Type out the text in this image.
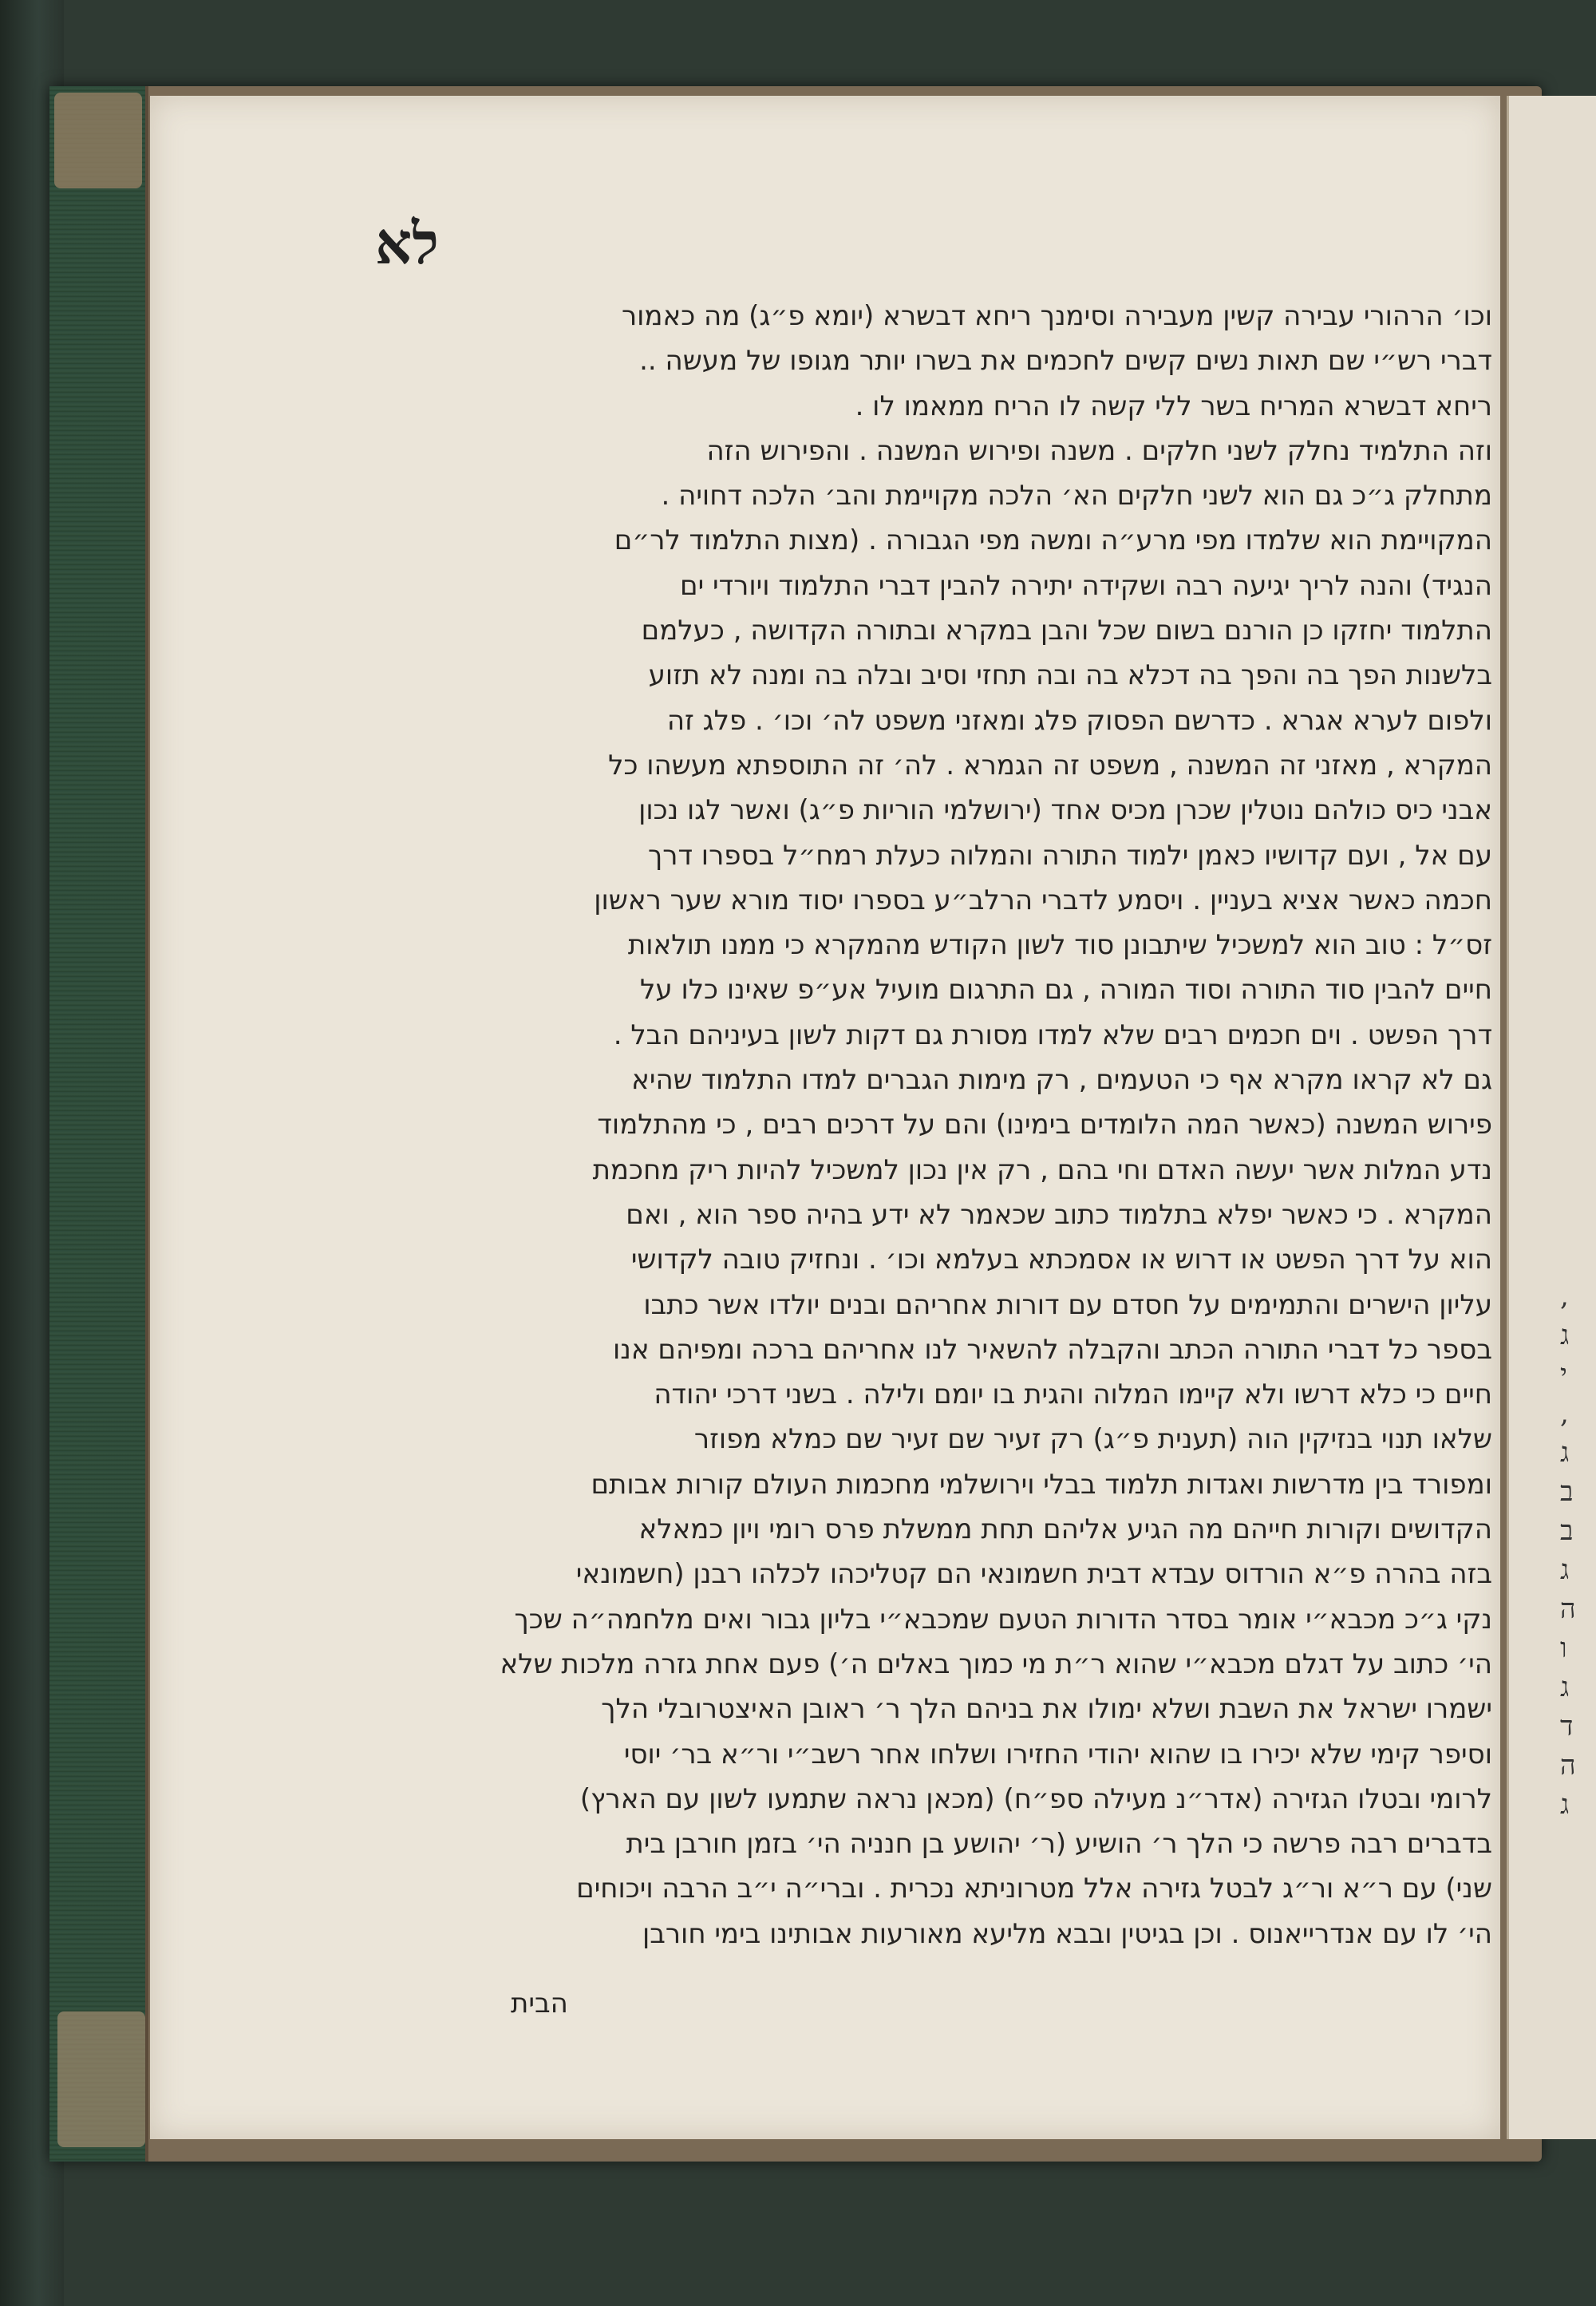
,
ג
י
,
ג
ב
ב
ג
ה
ו
ג
ד
ה
ג
לא
וכו׳ הרהורי עבירה קשין מעבירה וסימנך ריחא דבשרא (יומא פ״ג) מה כאמור
דברי רש״י שם תאות נשים קשים לחכמים את בשרו יותר מגופו של מעשה ..
ריחא דבשרא המריח בשר ללי קשה לו הריח ממאמו לו .
וזה התלמיד נחלק לשני חלקים . משנה ופירוש המשנה . והפירוש הזה
מתחלק ג״כ גם הוא לשני חלקים הא׳ הלכה מקויימת והב׳ הלכה דחויה .
המקויימת הוא שלמדו מפי מרע״ה ומשה מפי הגבורה . (מצות התלמוד לר״ם
הנגיד) והנה לריך יגיעה רבה ושקידה יתירה להבין דברי התלמוד ויורדי ים
התלמוד יחזקו כן הורנם בשום שכל והבן במקרא ובתורה הקדושה , כעלמם
בלשנות הפך בה והפך בה דכלא בה ובה תחזי וסיב ובלה בה ומנה לא תזוע
ולפום לערא אגרא . כדרשם הפסוק פלג ומאזני משפט לה׳ וכו׳ . פלג זה
המקרא , מאזני זה המשנה , משפט זה הגמרא . לה׳ זה התוספתא מעשהו כל
אבני כיס כולהם נוטלין שכרן מכיס אחד (ירושלמי הוריות פ״ג) ואשר לגו נכון
עם אל , ועם קדושיו כאמן ילמוד התורה והמלוה כעלת רמח״ל בספרו דרך
חכמה כאשר אציא בעניין . ויסמע לדברי הרלב״ע בספרו יסוד מורא שער ראשון
זס״ל : טוב הוא למשכיל שיתבונן סוד לשון הקודש מהמקרא כי ממנו תולאות
חיים להבין סוד התורה וסוד המורה , גם התרגום מועיל אע״פ שאינו כלו על
דרך הפשט . וים חכמים רבים שלא למדו מסורת גם דקות לשון בעיניהם הבל .
גם לא קראו מקרא אף כי הטעמים , רק מימות הגברים למדו התלמוד שהיא
פירוש המשנה (כאשר המה הלומדים בימינו) והם על דרכים רבים , כי מהתלמוד
נדע המלות אשר יעשה האדם וחי בהם , רק אין נכון למשכיל להיות ריק מחכמת
המקרא . כי כאשר יפלא בתלמוד כתוב שכאמר לא ידע בהיה ספר הוא , ואם
הוא על דרך הפשט או דרוש או אסמכתא בעלמא וכו׳ . ונחזיק טובה לקדושי
עליון הישרים והתמימים על חסדם עם דורות אחריהם ובנים יולדו אשר כתבו
בספר כל דברי התורה הכתב והקבלה להשאיר לנו אחריהם ברכה ומפיהם אנו
חיים כי כלא דרשו ולא קיימו המלוה והגית בו יומם ולילה . בשני דרכי יהודה
שלאו תנוי בנזיקין הוה (תענית פ״ג) רק זעיר שם זעיר שם כמלא מפוזר
ומפורד בין מדרשות ואגדות תלמוד בבלי וירושלמי מחכמות העולם קורות אבותם
הקדושים וקורות חייהם מה הגיע אליהם תחת ממשלת פרס רומי ויון כמאלא
בזה בהרה פ״א הורדוס עבדא דבית חשמונאי הם קטליכהו לכלהו רבנן (חשמונאי
נקי ג״כ מכבא״י אומר בסדר הדורות הטעם שמכבא״י בליון גבור ואים מלחמה״ה שכך
הי׳ כתוב על דגלם מכבא״י שהוא ר״ת מי כמוך באלים ה׳) פעם אחת גזרה מלכות שלא
ישמרו ישראל את השבת ושלא ימולו את בניהם הלך ר׳ ראובן האיצטרובלי הלך
וסיפר קימי שלא יכירו בו שהוא יהודי החזירו ושלחו אחר רשב״י ור״א בר׳ יוסי
לרומי ובטלו הגזירה (אדר״נ מעילה ספ״ח) (מכאן נראה שתמעו לשון עם הארץ)
בדברים רבה פרשה כי הלך ר׳ הושיע (ר׳ יהושע בן חנניה הי׳ בזמן חורבן בית
שני) עם ר״א ור״ג לבטל גזירה אלל מטרוניתא נכרית . וברי״ה י״ב הרבה ויכוחים
הי׳ לו עם אנדרייאנוס . וכן בגיטין ובבא מליעא מאורעות אבותינו בימי חורבן
הבית
